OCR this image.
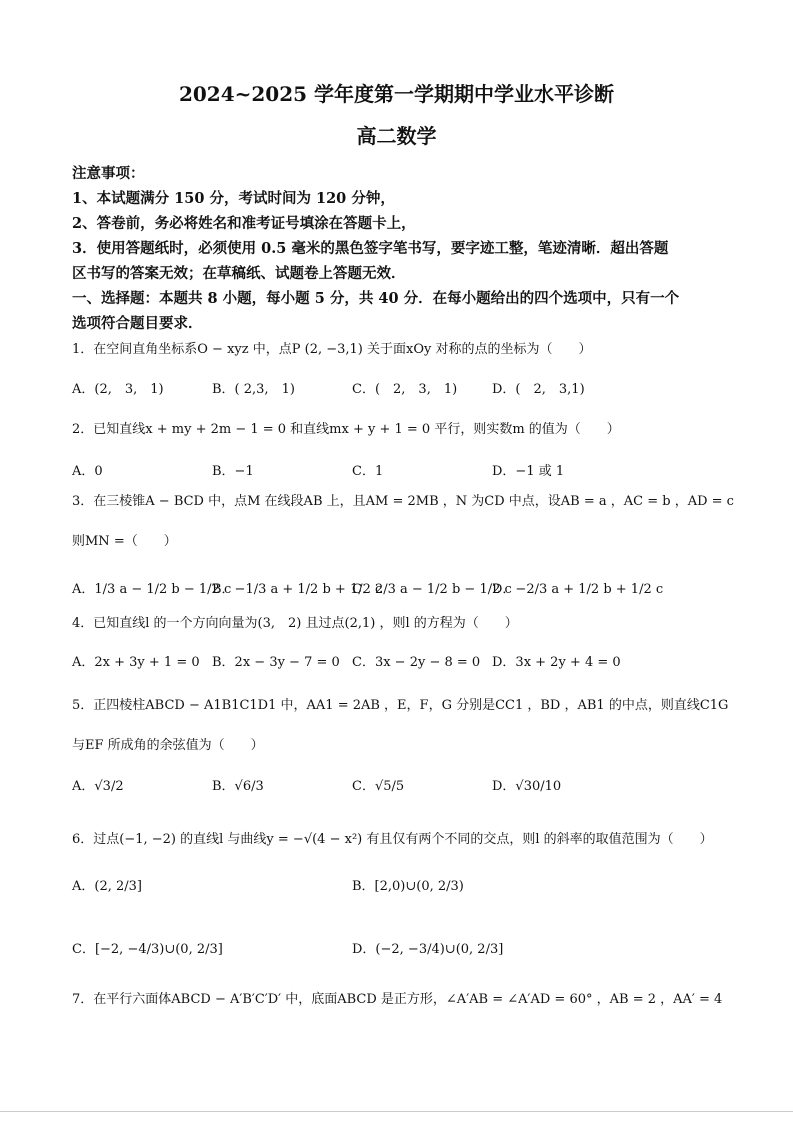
2024~2025 学年度第一学期期中学业水平诊断
高二数学
注意事项：
1、本试题满分 150 分，考试时间为 120 分钟，
2、答卷前，务必将姓名和准考证号填涂在答题卡上，
3．使用答题纸时，必须使用 0.5 毫米的黑色签字笔书写，要字迹工整，笔迹清晰．超出答题
区书写的答案无效；在草稿纸、试题卷上答题无效．
一、选择题：本题共 8 小题，每小题 5 分，共 40 分．在每小题给出的四个选项中，只有一个
选项符合题目要求．
1．在空间直角坐标系O − xyz 中，点P (2, −3,1) 关于面xOy 对称的点的坐标为（　　）
A．(2,　3,　1)	B．( 2,3,　1)	C．(　2,　3,　1)	D．(　2,　3,1)
2．已知直线x + my + 2m − 1 = 0 和直线mx + y + 1 = 0 平行，则实数m 的值为（　　）
A．0	B．−1	C．1	D．−1 或 1
3．在三棱锥A − BCD 中，点M 在线段AB 上，且AM = 2MB ，N 为CD 中点，设AB = a ，AC = b ，AD = c
则MN =（　　）
A．1/3 a − 1/2 b − 1/2 c
B．−1/3 a + 1/2 b + 1/2 c
C．2/3 a − 1/2 b − 1/2 c
D．−2/3 a + 1/2 b + 1/2 c
4．已知直线l 的一个方向向量为(3,　2) 且过点(2,1) ，则l 的方程为（　　）
A．2x + 3y + 1 = 0 B．2x − 3y − 7 = 0 C．3x − 2y − 8 = 0 D．3x + 2y + 4 = 0
5．正四棱柱ABCD − A1B1C1D1 中，AA1 = 2AB ，E，F，G 分别是CC1 ，BD ，AB1 的中点，则直线C1G
与EF 所成角的余弦值为（　　）
A．√3/2	B．√6/3	C．√5/5	D．√30/10
6．过点(−1, −2) 的直线l 与曲线y = −√(4 − x²) 有且仅有两个不同的交点，则l 的斜率的取值范围为（　　）
A．(2, 2/3]	B．[2,0)∪(0, 2/3)
C．[−2, −4/3)∪(0, 2/3]	D．(−2, −3/4)∪(0, 2/3]
7．在平行六面体ABCD − A′B′C′D′ 中，底面ABCD 是正方形，∠A′AB = ∠A′AD = 60° ，AB = 2 ，AA′ = 4
